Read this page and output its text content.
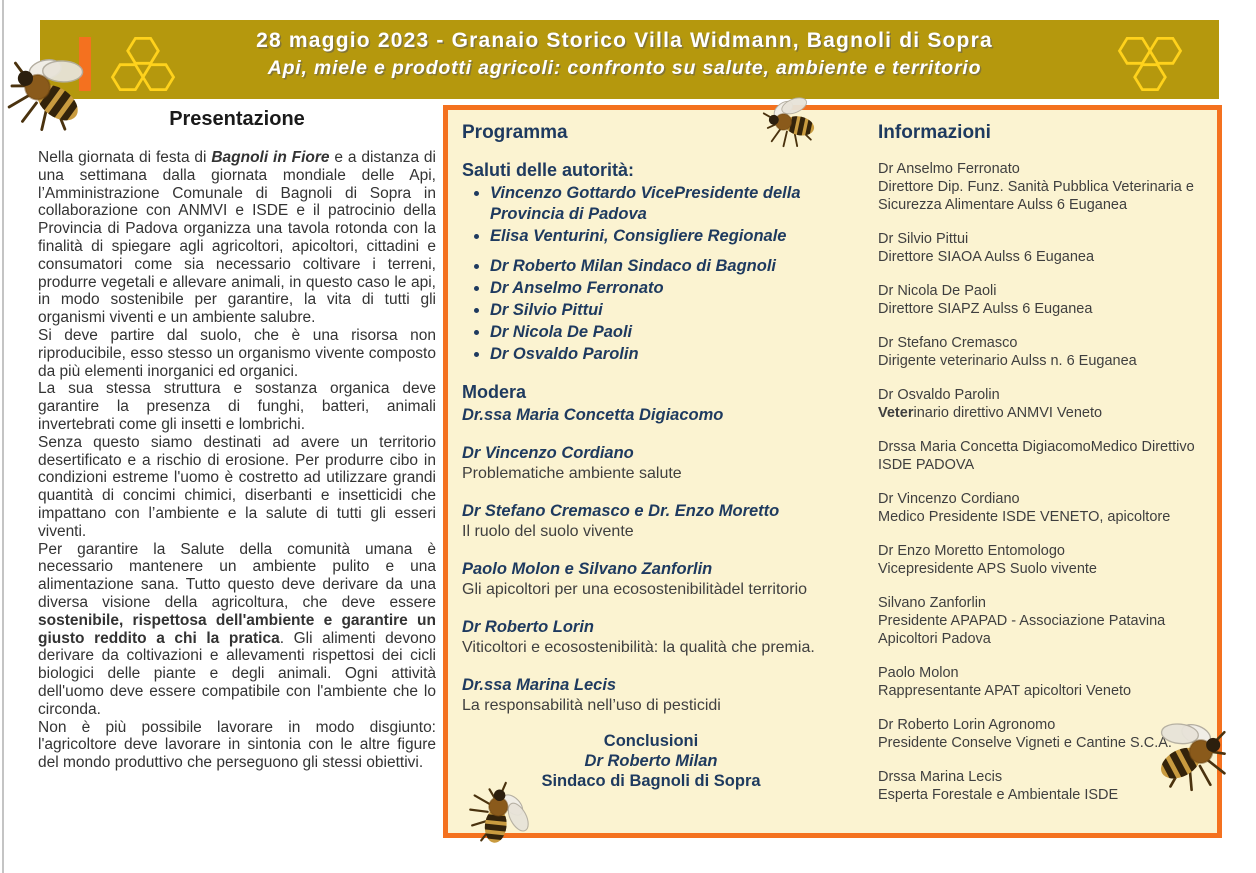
28 maggio 2023 - Granaio Storico Villa Widmann, Bagnoli di Sopra
Api, miele e prodotti agricoli: confronto su salute, ambiente e territorio
Presentazione

Nella giornata di festa di Bagnoli in Fiore e a distanza di una settimana dalla giornata mondiale delle Api, l’Amministrazione Comunale di Bagnoli di Sopra in collaborazione con ANMVI e ISDE e il patrocinio della Provincia di Padova organizza una tavola rotonda con la finalità di spiegare agli agricoltori, apicoltori, cittadini e consumatori come sia necessario coltivare i terreni, produrre vegetali e allevare animali, in questo caso le api, in modo sostenibile per garantire, la vita di tutti gli organismi viventi e un ambiente salubre.

Si deve partire dal suolo, che è una risorsa non riproducibile, esso stesso un organismo vivente composto da più elementi inorganici ed organici.

La sua stessa struttura e sostanza organica deve garantire la presenza di funghi, batteri, animali invertebrati come gli insetti e lombrichi.

Senza questo siamo destinati ad avere un territorio desertificato e a rischio di erosione. Per produrre cibo in condizioni estreme l'uomo è costretto ad utilizzare grandi quantità di concimi chimici, diserbanti e insetticidi che impattano con l’ambiente e la salute di tutti gli esseri viventi.

Per garantire la Salute della comunità umana è necessario mantenere un ambiente pulito e una alimentazione sana. Tutto questo deve derivare da una diversa visione della agricoltura, che deve essere sostenibile, rispettosa dell'ambiente e garantire un giusto reddito a chi la pratica. Gli alimenti devono derivare da coltivazioni e allevamenti rispettosi dei cicli biologici delle piante e degli animali. Ogni attività dell'uomo deve essere compatibile con l'ambiente che lo circonda.

Non è più possibile lavorare in modo disgiunto: l'agricoltore deve lavorare in sintonia con le altre figure del mondo produttivo che perseguono gli stessi obiettivi.

Programma
Saluti delle autorità:
• Vincenzo Gottardo VicePresidente della Provincia di Padova
• Elisa Venturini, Consigliere Regionale
• Dr Roberto Milan Sindaco di Bagnoli
• Dr Anselmo Ferronato
• Dr Silvio Pittui
• Dr Nicola De Paoli
• Dr Osvaldo Parolin
Modera
Dr.ssa Maria Concetta Digiacomo
Dr Vincenzo Cordiano
Problematiche ambiente salute
Dr Stefano Cremasco e Dr. Enzo Moretto
Il ruolo del suolo vivente
Paolo Molon e Silvano Zanforlin
Gli apicoltori per una ecosostenibilitàdel territorio
Dr Roberto Lorin
Viticoltori e ecosostenibilità: la qualità che premia.
Dr.ssa Marina Lecis
La responsabilità nell’uso di pesticidi
Conclusioni
Dr Roberto Milan
Sindaco di Bagnoli di Sopra
Informazioni
Dr Anselmo Ferronato
Direttore Dip. Funz. Sanità Pubblica Veterinaria e Sicurezza Alimentare Aulss 6 Euganea
Dr Silvio Pittui
Direttore SIAOA Aulss 6 Euganea
Dr Nicola De Paoli
Direttore SIAPZ Aulss 6 Euganea
Dr Stefano Cremasco
Dirigente veterinario Aulss n. 6 Euganea
Dr Osvaldo Parolin
Veterinario direttivo ANMVI Veneto
Drssa Maria Concetta DigiacomoMedico Direttivo ISDE PADOVA
Dr Vincenzo Cordiano
Medico Presidente ISDE VENETO, apicoltore
Dr Enzo Moretto Entomologo
Vicepresidente APS Suolo vivente
Silvano Zanforlin
Presidente APAPAD - Associazione Patavina Apicoltori Padova
Paolo Molon
Rappresentante APAT apicoltori Veneto
Dr Roberto Lorin Agronomo
Presidente Conselve Vigneti e Cantine S.C.A.
Drssa Marina Lecis
Esperta Forestale e Ambientale ISDE
